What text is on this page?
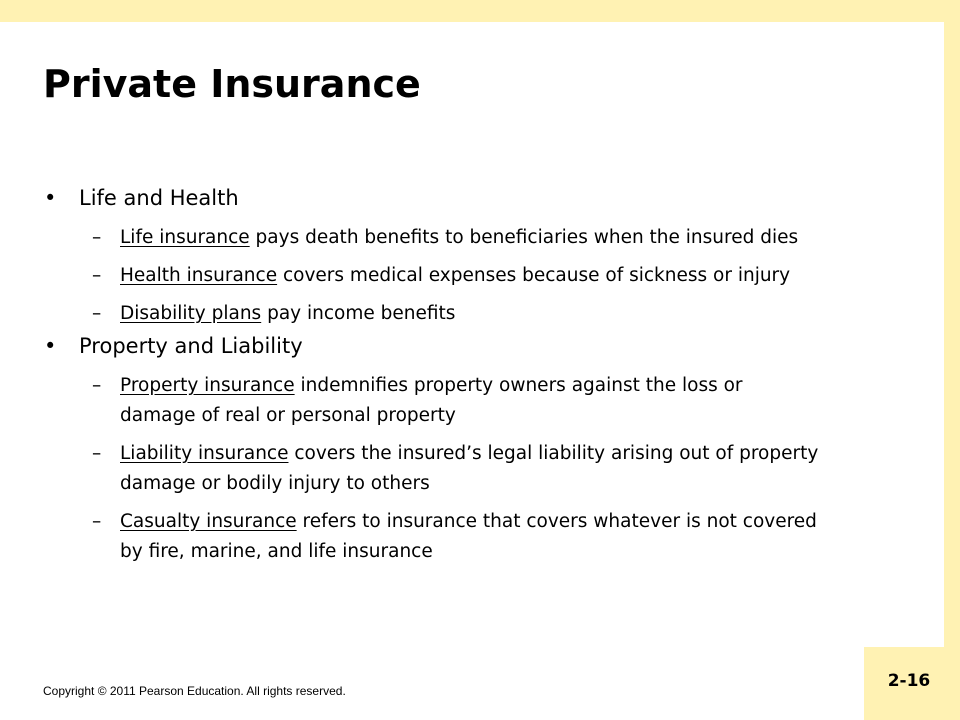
Private Insurance
• Life and Health
– Life insurance pays death benefits to beneficiaries when the insured dies
– Health insurance covers medical expenses because of sickness or injury
– Disability plans pay income benefits
• Property and Liability
– Property insurance indemnifies property owners against the loss or damage of real or personal property
– Liability insurance covers the insured’s legal liability arising out of property damage or bodily injury to others
– Casualty insurance refers to insurance that covers whatever is not covered by fire, marine, and life insurance
Copyright © 2011 Pearson Education. All rights reserved.	2-16
